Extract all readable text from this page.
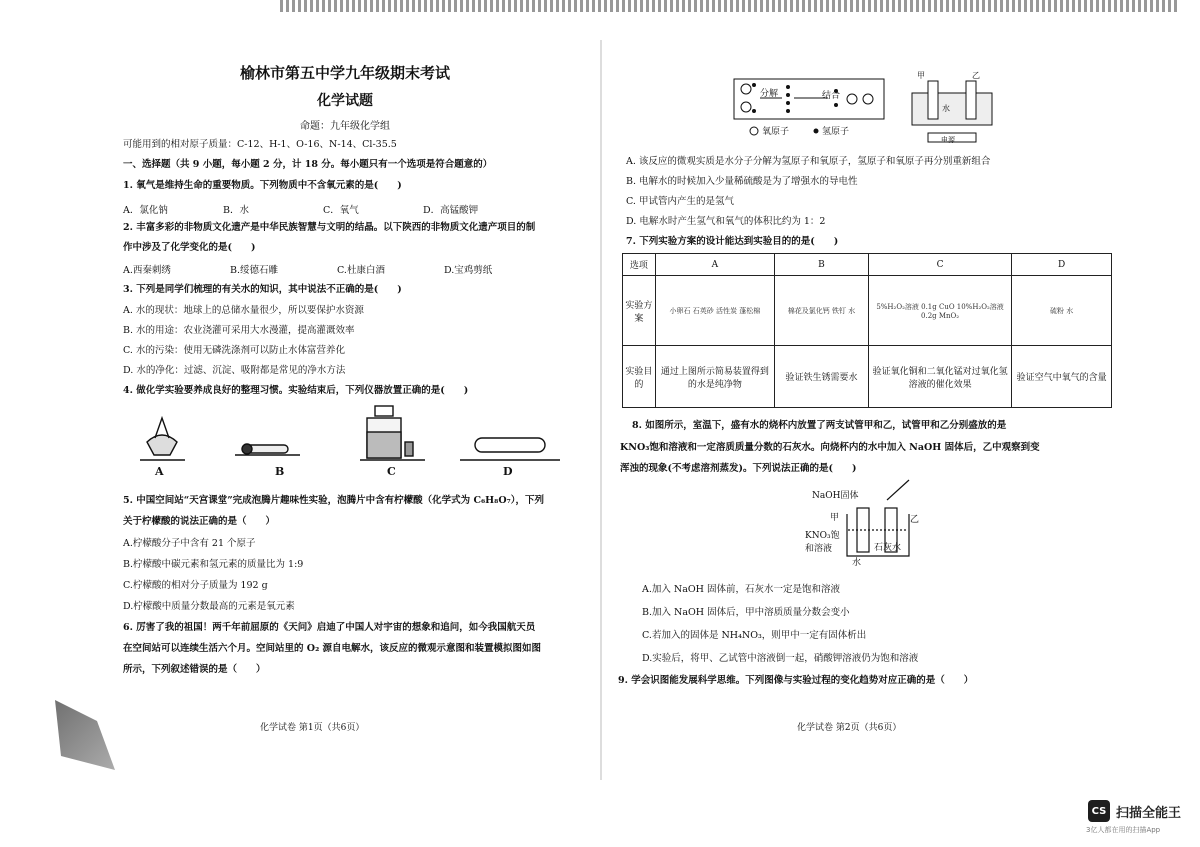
榆林市第五中学九年级期末考试
化学试题
命题：九年级化学组
可能用到的相对原子质量：C-12、H-1、O-16、N-14、Cl-35.5
一、选择题（共 9 小题，每小题 2 分，计 18 分。每小题只有一个选项是符合题意的）
1. 氧气是维持生命的重要物质。下列物质中不含氧元素的是(　　)
A．氯化钠	B．水	C．氧气	D．高锰酸钾
2. 丰富多彩的非物质文化遗产是中华民族智慧与文明的结晶。以下陕西的非物质文化遗产项目的制
作中涉及了化学变化的是(　　)
A.西秦刺绣	B.绥德石雕	C.杜康白酒	D.宝鸡剪纸
3. 下列是同学们梳理的有关水的知识，其中说法不正确的是(　　)
A. 水的现状：地球上的总储水量很少，所以要保护水资源
B. 水的用途：农业浇灌可采用大水漫灌，提高灌溉效率
C. 水的污染：使用无磷洗涤剂可以防止水体富营养化
D. 水的净化：过滤、沉淀、吸附都是常见的净水方法
4. 做化学实验要养成良好的整理习惯。实验结束后，下列仪器放置正确的是(　　)
A	B	C	D
5. 中国空间站“天宫课堂”完成泡腾片趣味性实验，泡腾片中含有柠檬酸（化学式为 C₆H₈O₇），下列
关于柠檬酸的说法正确的是（　　）
A.柠檬酸分子中含有 21 个原子
B.柠檬酸中碳元素和氢元素的质量比为 1:9
C.柠檬酸的相对分子质量为 192 g
D.柠檬酸中质量分数最高的元素是氧元素
6. 厉害了我的祖国！两千年前屈原的《天问》启迪了中国人对宇宙的想象和追问，如今我国航天员
在空间站可以连续生活六个月。空间站里的 O₂ 源自电解水，该反应的微观示意图和装置模拟图如图
所示，下列叙述错误的是（　　）
化学试卷 第1页（共6页）
分解	结合
氧原子	氢原子
甲	乙
水
电源
A. 该反应的微观实质是水分子分解为氢原子和氧原子，氢原子和氧原子再分别重新组合
B. 电解水的时候加入少量稀硫酸是为了增强水的导电性
C. 甲试管内产生的是氢气
D. 电解水时产生氢气和氧气的体积比约为 1：2
7. 下列实验方案的设计能达到实验目的的是(　　)
选项	A	B	C	D
实验方案	小卵石 石英砂 活性炭 蓬松棉	棉花及氯化钙 铁钉 水	5%H₂O₂溶液 0.1g CuO 10%H₂O₂溶液 0.2g MnO₂	硫粉 水
实验目的	通过上图所示简易装置得到的水是纯净物	验证铁生锈需要水	验证氧化铜和二氧化锰对过氧化氢溶液的催化效果	验证空气中氧气的含量
8. 如图所示，室温下，盛有水的烧杯内放置了两支试管甲和乙，试管甲和乙分别盛放的是
KNO₃饱和溶液和一定溶质质量分数的石灰水。向烧杯内的水中加入 NaOH 固体后，乙中观察到变
浑浊的现象(不考虑溶剂蒸发)。下列说法正确的是(　　)
NaOH固体
甲	乙
KNO₃饱
和溶液	石灰水
水
A.加入 NaOH 固体前，石灰水一定是饱和溶液
B.加入 NaOH 固体后，甲中溶质质量分数会变小
C.若加入的固体是 NH₄NO₃，则甲中一定有固体析出
D.实验后，将甲、乙试管中溶液倒一起，硝酸钾溶液仍为饱和溶液
9. 学会识图能发展科学思维。下列图像与实验过程的变化趋势对应正确的是（　　）
化学试卷 第2页（共6页）
CS 扫描全能王
3亿人都在用的扫描App
